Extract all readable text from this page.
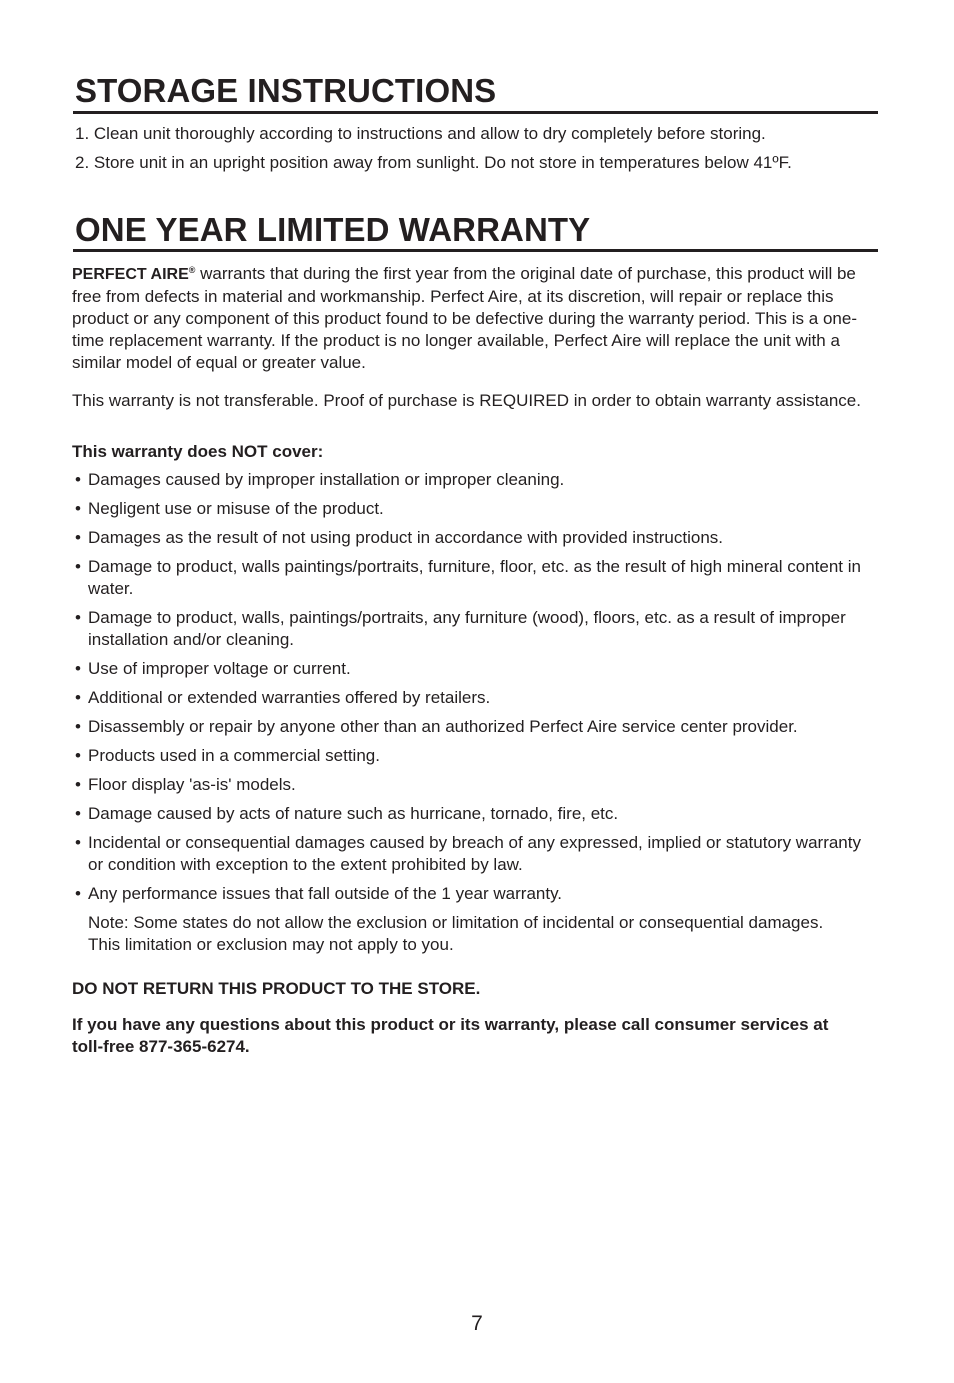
STORAGE INSTRUCTIONS
1. Clean unit thoroughly according to instructions and allow to dry completely before storing.
2. Store unit in an upright position away from sunlight. Do not store in temperatures below 41ºF.
ONE YEAR LIMITED WARRANTY

PERFECT AIRE® warrants that during the first year from the original date of purchase, this product will be free from defects in material and workmanship. Perfect Aire, at its discretion, will repair or replace this product or any component of this product found to be defective during the warranty period. This is a one-time replacement warranty. If the product is no longer available, Perfect Aire will replace the unit with a similar model of equal or greater value.

This warranty is not transferable. Proof of purchase is REQUIRED in order to obtain warranty assistance.

This warranty does NOT cover:

• Damages caused by improper installation or improper cleaning.
• Negligent use or misuse of the product.
• Damages as the result of not using product in accordance with provided instructions.
• Damage to product, walls paintings/portraits, furniture, floor, etc. as the result of high mineral content in water.
• Damage to product, walls, paintings/portraits, any furniture (wood), floors, etc. as a result of improper installation and/or cleaning.
• Use of improper voltage or current.
• Additional or extended warranties offered by retailers.
• Disassembly or repair by anyone other than an authorized Perfect Aire service center provider.
• Products used in a commercial setting.
• Floor display 'as-is' models.
• Damage caused by acts of nature such as hurricane, tornado, fire, etc.
• Incidental or consequential damages caused by breach of any expressed, implied or statutory warranty or condition with exception to the extent prohibited by law.
• Any performance issues that fall outside of the 1 year warranty.
Note: Some states do not allow the exclusion or limitation of incidental or consequential damages. This limitation or exclusion may not apply to you.

DO NOT RETURN THIS PRODUCT TO THE STORE.

If you have any questions about this product or its warranty, please call consumer services at toll-free 877-365-6274.

7
